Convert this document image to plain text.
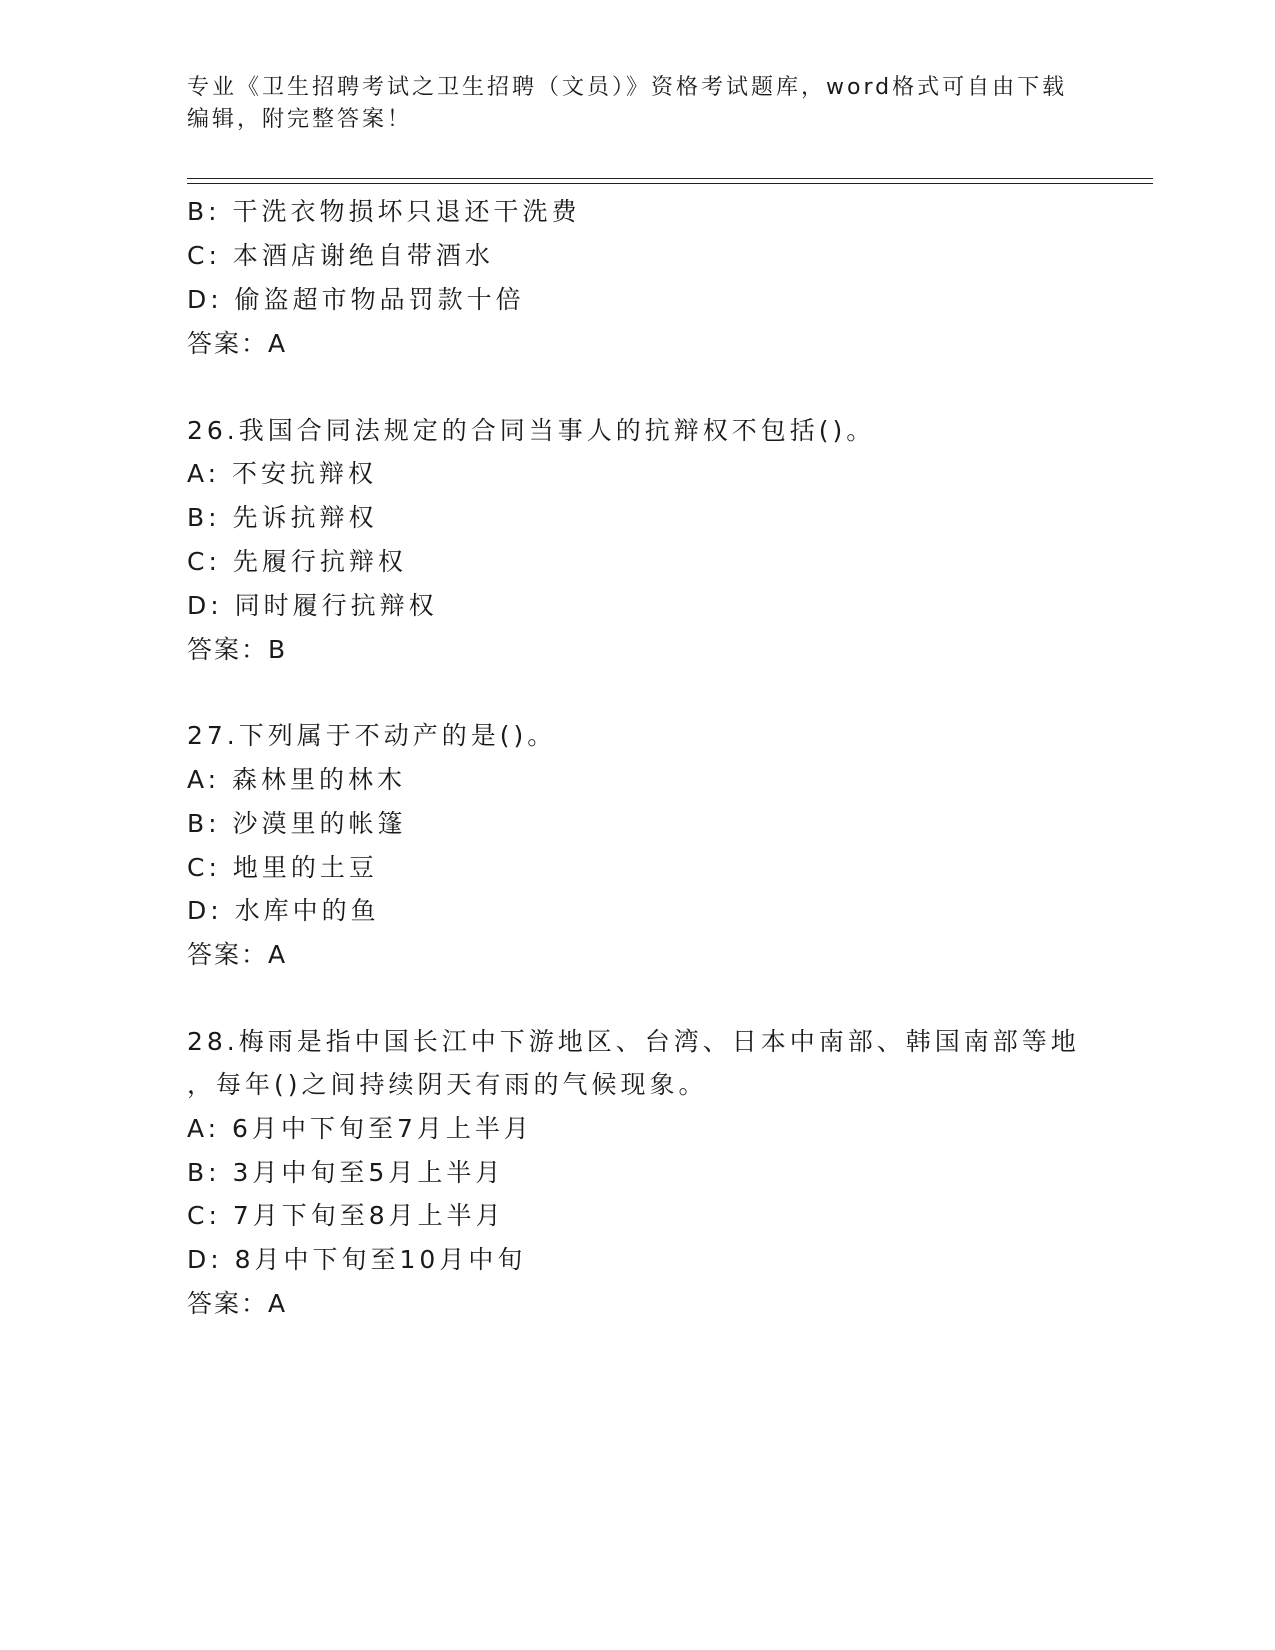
专业《卫生招聘考试之卫生招聘（文员）》资格考试题库，word格式可自由下载
编辑，附完整答案！

B: 干洗衣物损坏只退还干洗费

C: 本酒店谢绝自带酒水

D: 偷盗超市物品罚款十倍

答案：A

26.我国合同法规定的合同当事人的抗辩权不包括()。

A: 不安抗辩权

B: 先诉抗辩权

C: 先履行抗辩权

D: 同时履行抗辩权

答案：B

27.下列属于不动产的是()。

A: 森林里的林木

B: 沙漠里的帐篷

C: 地里的土豆

D: 水库中的鱼

答案：A

28.梅雨是指中国长江中下游地区、台湾、日本中南部、韩国南部等地

，每年()之间持续阴天有雨的气候现象。

A: 6月中下旬至7月上半月

B: 3月中旬至5月上半月

C: 7月下旬至8月上半月

D: 8月中下旬至10月中旬

答案：A
